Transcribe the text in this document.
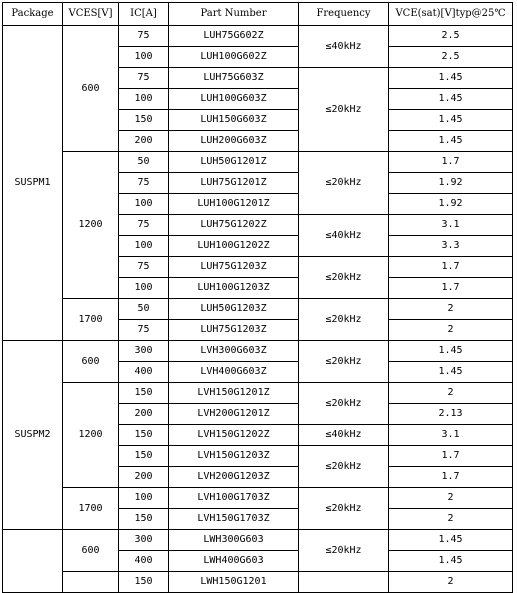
Package	VCES[V]	IC[A]	Part Number	Frequency	VCE(sat)[V]typ@25℃
SUSPM1	600	75	LUH75G602Z	≤40kHz	2.5
		100	LUH100G602Z		2.5
		75	LUH75G603Z	≤20kHz	1.45
		100	LUH100G603Z		1.45
		150	LUH150G603Z		1.45
		200	LUH200G603Z		1.45
	1200	50	LUH50G1201Z	≤20kHz	1.7
		75	LUH75G1201Z		1.92
		100	LUH100G1201Z		1.92
		75	LUH75G1202Z	≤40kHz	3.1
		100	LUH100G1202Z		3.3
		75	LUH75G1203Z	≤20kHz	1.7
		100	LUH100G1203Z		1.7
	1700	50	LUH50G1203Z	≤20kHz	2
		75	LUH75G1203Z		2
SUSPM2	600	300	LVH300G603Z	≤20kHz	1.45
		400	LVH400G603Z		1.45
	1200	150	LVH150G1201Z	≤20kHz	2
		200	LVH200G1201Z		2.13
		150	LVH150G1202Z	≤40kHz	3.1
		150	LVH150G1203Z	≤20kHz	1.7
		200	LVH200G1203Z		1.7
	1700	100	LVH100G1703Z	≤20kHz	2
		150	LVH150G1703Z		2
	600	300	LWH300G603	≤20kHz	1.45
		400	LWH400G603		1.45
		150	LWH150G1201		2
